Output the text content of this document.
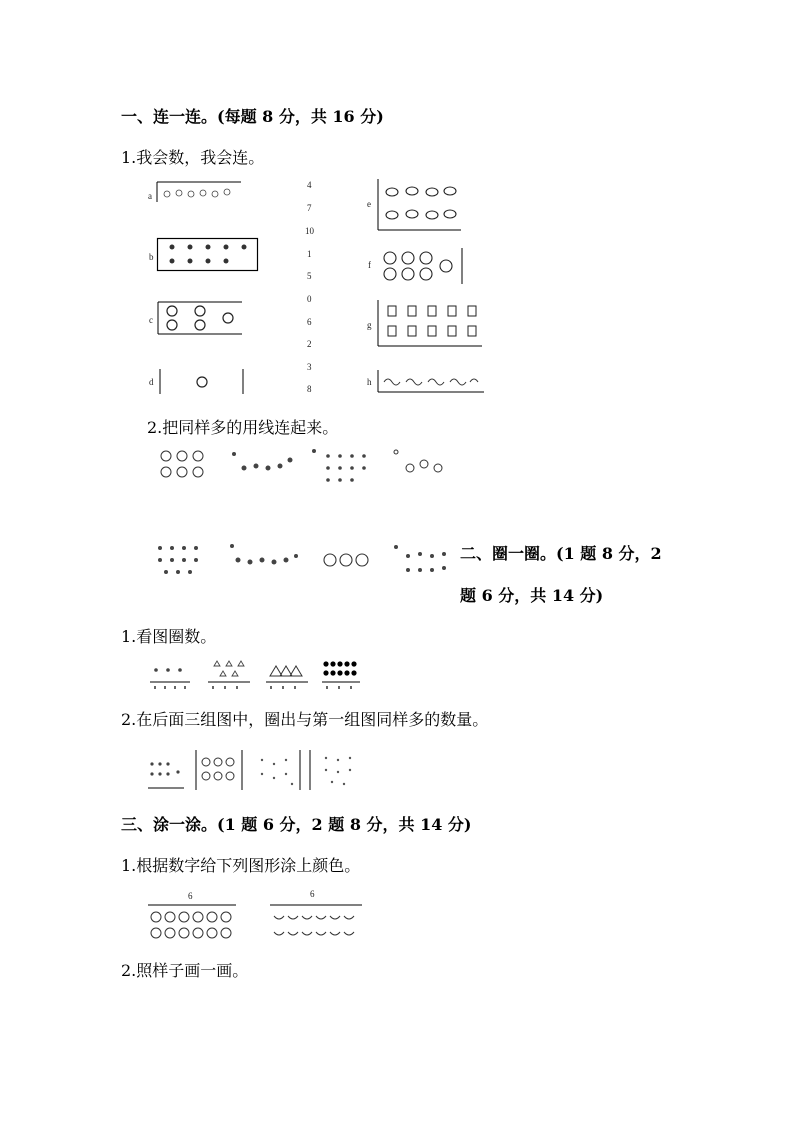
一、连一连。(每题 8 分，共 16 分)
1.我会数，我会连。
a
b
c
d
4
7
10
1
5
0
6
2
3
8
e
f
g
h
2.把同样多的用线连起来。
二、圈一圈。(1 题 8 分，2
题 6 分，共 14 分)
1.看图圈数。
2.在后面三组图中，圈出与第一组图同样多的数量。
三、涂一涂。(1 题 6 分，2 题 8 分，共 14 分)
1.根据数字给下列图形涂上颜色。
6	6
2.照样子画一画。
